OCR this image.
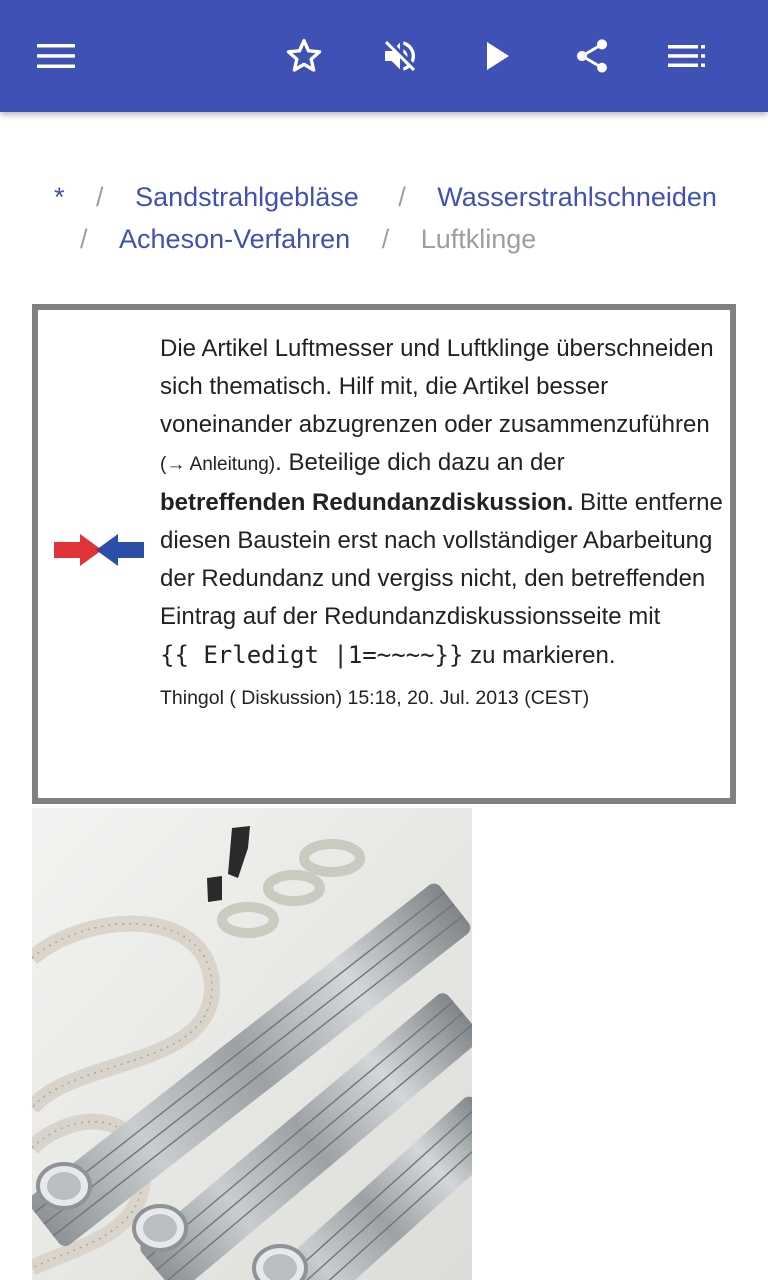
* / Sandstrahlgebläse / Wasserstrahlschneiden
/ Acheson-Verfahren / Luftklinge
Die Artikel Luftmesser und Luftklinge überschneiden sich thematisch. Hilf mit, die Artikel besser voneinander abzugrenzen oder zusammenzuführen (→ Anleitung). Beteilige dich dazu an der
betreffenden Redundanzdiskussion. Bitte entferne diesen Baustein erst nach vollständiger Abarbeitung der Redundanz und vergiss nicht, den betreffenden Eintrag auf der Redundanzdiskussionsseite mit
{{ Erledigt |1=~~~~}} zu markieren.
Thingol ( Diskussion) 15:18, 20. Jul. 2013 (CEST)
